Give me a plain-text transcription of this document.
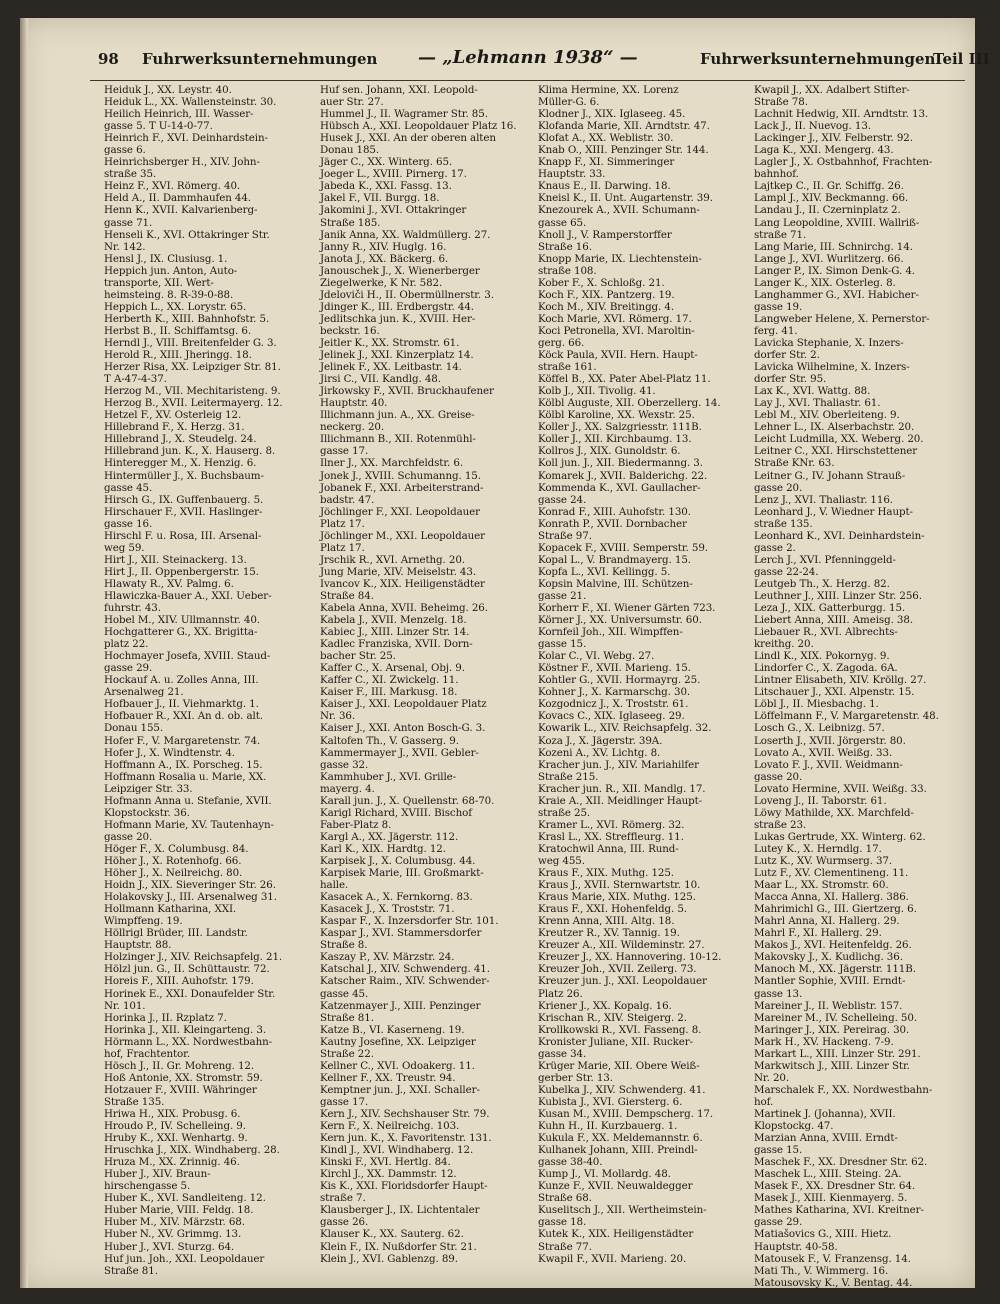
98 Fuhrwerksunternehmungen — „Lehmann 1938“ —	Fuhrwerksunternehmungen
Teil III
Heiduk J., XX. Leystr. 40.
Heiduk L., XX. Wallensteinstr. 30.
Heilich Heinrich, III. Wasser-
gasse 5. T U-14-0-77.
Heinrich F., XVI. Deinhardstein-
gasse 6.
Heinrichsberger H., XIV. John-
straße 35.
Heinz F., XVI. Römerg. 40.
Held A., II. Dammhaufen 44.
Henn K., XVII. Kalvarienberg-
gasse 71.
Henseli K., XVI. Ottakringer Str.
Nr. 142.
Hensl J., IX. Clusiusg. 1.
Heppich jun. Anton, Auto-
transporte, XII. Wert-
heimsteing. 8. R-39-0-88.
Heppich L., XX. Lorystr. 65.
Herberth K., XIII. Bahnhofstr. 5.
Herbst B., II. Schiffamtsg. 6.
Herndl J., VIII. Breitenfelder G. 3.
Herold R., XIII. Jheringg. 18.
Herzer Risa, XX. Leipziger Str. 81.
T A-47-4-37.
Herzog M., VII. Mechitaristeng. 9.
Herzog B., XVII. Leitermayerg. 12.
Hetzel F., XV. Osterleig 12.
Hillebrand F., X. Herzg. 31.
Hillebrand J., X. Steudelg. 24.
Hillebrand jun. K., X. Hauserg. 8.
Hinteregger M., X. Henzig. 6.
Hintermüller J., X. Buchsbaum-
gasse 45.
Hirsch G., IX. Guffenbauerg. 5.
Hirschauer F., XVII. Haslinger-
gasse 16.
Hirschl F. u. Rosa, III. Arsenal-
weg 59.
Hirt J., XII. Steinackerg. 13.
Hirt J., II. Oppenbergerstr. 15.
Hlawaty R., XV. Palmg. 6.
Hlawiczka-Bauer A., XXI. Ueber-
fuhrstr. 43.
Hobel M., XIV. Ullmannstr. 40.
Hochgatterer G., XX. Brigitta-
platz 22.
Hochmayer Josefa, XVIII. Staud-
gasse 29.
Hockauf A. u. Zolles Anna, III.
Arsenalweg 21.
Hofbauer J., II. Viehmarktg. 1.
Hofbauer R., XXI. An d. ob. alt.
Donau 155.
Hofer F., V. Margaretenstr. 74.
Hofer J., X. Windtenstr. 4.
Hoffmann A., IX. Porscheg. 15.
Hoffmann Rosalia u. Marie, XX.
Leipziger Str. 33.
Hofmann Anna u. Stefanie, XVII.
Klopstockstr. 36.
Hofmann Marie, XV. Tautenhayn-
gasse 20.
Höger F., X. Columbusg. 84.
Höher J., X. Rotenhofg. 66.
Höher J., X. Neilreichg. 80.
Hoidn J., XIX. Sieveringer Str. 26.
Holakovsky J., III. Arsenalweg 31.
Hollmann Katharina, XXI.
Wimpffeng. 19.
Höllrigl Brüder, III. Landstr.
Hauptstr. 88.
Holzinger J., XIV. Reichsapfelg. 21.
Hölzl jun. G., II. Schüttaustr. 72.
Horeis F., XIII. Auhofstr. 179.
Horinek E., XXI. Donaufelder Str.
Nr. 101.
Horinka J., II. Rzplatz 7.
Horinka J., XII. Kleingarteng. 3.
Hörmann L., XX. Nordwestbahn-
hof, Frachtentor.
Hösch J., II. Gr. Mohreng. 12.
Hoß Antonie, XX. Stromstr. 59.
Hotzauer F., XVIII. Währinger
Straße 135.
Hriwa H., XIX. Probusg. 6.
Hroudo P., IV. Schelleing. 9.
Hruby K., XXI. Wenhartg. 9.
Hruschka J., XIX. Windhaberg. 28.
Hruza M., XX. Zrinnig. 46.
Huber J., XIV. Braun-
hirschengasse 5.
Huber K., XVI. Sandleiteng. 12.
Huber Marie, VIII. Feldg. 18.
Huber M., XIV. Märzstr. 68.
Huber N., XV. Grimmg. 13.
Huber J., XVI. Sturzg. 64.
Huf jun. Joh., XXI. Leopoldauer
Straße 81.
Huf sen. Johann, XXI. Leopold-
auer Str. 27.
Hummel J., II. Wagramer Str. 85.
Hübsch A., XXI. Leopoldauer Platz 16.
Husek J., XXI. An der oberen alten
Donau 185.
Jäger C., XX. Winterg. 65.
Joeger L., XVIII. Pirnerg. 17.
Jabeda K., XXI. Fassg. 13.
Jakel F., VII. Burgg. 18.
Jakomini J., XVI. Ottakringer
Straße 185.
Janik Anna, XX. Waldmüllerg. 27.
Janny R., XIV. Huglg. 16.
Janota J., XX. Bäckerg. 6.
Janouschek J., X. Wienerberger
Ziegelwerke, K Nr. 582.
Jdeloviči H., II. Obermüllnerstr. 3.
Jdinger K., III. Erdbergstr. 44.
Jedlitschka jun. K., XVIII. Her-
beckstr. 16.
Jeitler K., XX. Stromstr. 61.
Jelinek J., XXI. Kinzerplatz 14.
Jelinek F., XX. Leitbastr. 14.
Jirsi C., VII. Kandlg. 48.
Jirkowsky F., XVII. Bruckhaufener
Hauptstr. 40.
Illichmann jun. A., XX. Greise-
neckerg. 20.
Illichmann B., XII. Rotenmühl-
gasse 17.
Ilner J., XX. Marchfeldstr. 6.
Jonek J., XVIII. Schumanng. 15.
Jobanek F., XXI. Arbeiterstrand-
badstr. 47.
Jöchlinger F., XXI. Leopoldauer
Platz 17.
Jöchlinger M., XXI. Leopoldauer
Platz 17.
Jrschik R., XVI. Arnethg. 20.
Jung Marie, XIV. Meiselstr. 43.
Ivancov K., XIX. Heiligenstädter
Straße 84.
Kabela Anna, XVII. Beheimg. 26.
Kabela J., XVII. Menzelg. 18.
Kabiec J., XIII. Linzer Str. 14.
Kadlec Franziska, XVII. Dorn-
bacher Str. 25.
Kaffer C., X. Arsenal, Obj. 9.
Kaffer C., XI. Zwickelg. 11.
Kaiser F., III. Markusg. 18.
Kaiser J., XXI. Leopoldauer Platz
Nr. 36.
Kaiser J., XXI. Anton Bosch-G. 3.
Kaltofen Th., V. Gasserg. 9.
Kammermayer J., XVII. Gebler-
gasse 32.
Kammhuber J., XVI. Grille-
mayerg. 4.
Karall jun. J., X. Quellenstr. 68-70.
Karigl Richard, XVIII. Bischof
Faber-Platz 8.
Kargl A., XX. Jägerstr. 112.
Karl K., XIX. Hardtg. 12.
Karpisek J., X. Columbusg. 44.
Karpisek Marie, III. Großmarkt-
halle.
Kasacek A., X. Fernkorng. 83.
Kasacek J., X. Troststr. 71.
Kaspar F., X. Inzersdorfer Str. 101.
Kaspar J., XVI. Stammersdorfer
Straße 8.
Kaszay P., XV. Märzstr. 24.
Katschal J., XIV. Schwenderg. 41.
Katscher Raim., XIV. Schwender-
gasse 45.
Katzenmayer J., XIII. Penzinger
Straße 81.
Katze B., VI. Kaserneng. 19.
Kautny Josefine, XX. Leipziger
Straße 22.
Kellner C., XVI. Odoakerg. 11.
Kellner F., XX. Treustr. 94.
Kemptner jun. J., XXI. Schaller-
gasse 17.
Kern J., XIV. Sechshauser Str. 79.
Kern F., X. Neilreichg. 103.
Kern jun. K., X. Favoritenstr. 131.
Kindl J., XVI. Windhaberg. 12.
Kinski F., XVI. Hertlg. 84.
Kirchl J., XX. Dammstr. 12.
Kis K., XXI. Floridsdorfer Haupt-
straße 7.
Klausberger J., IX. Lichtentaler
gasse 26.
Klauser K., XX. Sauterg. 62.
Klein F., IX. Nußdorfer Str. 21.
Klein J., XVI. Gablenzg. 89.
Klima Hermine, XX. Lorenz
Müller-G. 6.
Klodner J., XIX. Iglaseeg. 45.
Klofanda Marie, XII. Arndtstr. 47.
Klofat A., XX. Weblistr. 30.
Knab O., XIII. Penzinger Str. 144.
Knapp F., XI. Simmeringer
Hauptstr. 33.
Knaus E., II. Darwing. 18.
Kneisl K., II. Unt. Augartenstr. 39.
Knezourek A., XVII. Schumann-
gasse 65.
Knoll J., V. Ramperstorffer
Straße 16.
Knopp Marie, IX. Liechtenstein-
straße 108.
Kober F., X. Schloßg. 21.
Koch F., XIX. Pantzerg. 19.
Koch M., XIV. Breitingg. 4.
Koch Marie, XVI. Römerg. 17.
Koci Petronella, XVI. Maroltin-
gerg. 66.
Köck Paula, XVII. Hern. Haupt-
straße 161.
Köffel B., XX. Pater Abel-Platz 11.
Kolb J., XII. Tivolig. 41.
Kölbl Auguste, XII. Oberzellerg. 14.
Kölbl Karoline, XX. Wexstr. 25.
Koller J., XX. Salzgriesstr. 111B.
Koller J., XII. Kirchbaumg. 13.
Kollros J., XIX. Gunoldstr. 6.
Koll jun. J., XII. Biedermanng. 3.
Komarek J., XVII. Balderichg. 22.
Kommenda K., XVI. Gaullacher-
gasse 24.
Konrad F., XIII. Auhofstr. 130.
Konrath P., XVII. Dornbacher
Straße 97.
Kopacek F., XVIII. Semperstr. 59.
Kopal L., V. Brandmayerg. 15.
Kopfa L., XVI. Kellingg. 5.
Kopsin Malvine, III. Schützen-
gasse 21.
Korherr F., XI. Wiener Gärten 723.
Körner J., XX. Universumstr. 60.
Kornfeil Joh., XII. Wimpffen-
gasse 15.
Kolar C., VI. Webg. 27.
Köstner F., XVII. Marieng. 15.
Kohtler G., XVII. Hormayrg. 25.
Kohner J., X. Karmarschg. 30.
Kozgodnicz J., X. Troststr. 61.
Kovacs C., XIX. Iglaseeg. 29.
Kowarik L., XIV. Reichsapfelg. 32.
Koza J., X. Jägerstr. 39A.
Kozeni A., XV. Lichtg. 8.
Kracher jun. J., XIV. Mariahilfer
Straße 215.
Kracher jun. R., XII. Mandlg. 17.
Kraie A., XII. Meidlinger Haupt-
straße 25.
Kramer L., XVI. Römerg. 32.
Krasl L., XX. Streffleurg. 11.
Kratochwil Anna, III. Rund-
weg 455.
Kraus F., XIX. Muthg. 125.
Kraus J., XVII. Sternwartstr. 10.
Kraus Marie, XIX. Muthg. 125.
Kraus F., XXI. Hohenfeldg. 5.
Krenn Anna, XIII. Altg. 18.
Kreutzer R., XV. Tannig. 19.
Kreuzer A., XII. Wildeminstr. 27.
Kreuzer J., XX. Hannovering. 10-12.
Kreuzer Joh., XVII. Zeilerg. 73.
Kreuzer jun. J., XXI. Leopoldauer
Platz 26.
Kriener J., XX. Kopalg. 16.
Krischan R., XIV. Steigerg. 2.
Krollkowski R., XVI. Fasseng. 8.
Kronister Juliane, XII. Rucker-
gasse 34.
Krüger Marie, XII. Obere Weiß-
gerber Str. 13.
Kubelka J., XIV. Schwenderg. 41.
Kubista J., XVI. Giersterg. 6.
Kusan M., XVIII. Dempscherg. 17.
Kuhn H., II. Kurzbauerg. 1.
Kukula F., XX. Meldemannstr. 6.
Kulhanek Johann, XIII. Preindl-
gasse 38-40.
Kump J., VI. Mollardg. 48.
Kunze F., XVII. Neuwaldegger
Straße 68.
Kuselitsch J., XII. Wertheimstein-
gasse 18.
Kutek K., XIX. Heiligenstädter
Straße 77.
Kwapil F., XVII. Marieng. 20.
Kwapil J., XX. Adalbert Stifter-
Straße 78.
Lachnit Hedwig, XII. Arndtstr. 13.
Lack J., II. Nuevog. 13.
Lackinger J., XIV. Felberstr. 92.
Laga K., XXI. Mengerg. 43.
Lagler J., X. Ostbahnhof, Frachten-
bahnhof.
Lajtkep C., II. Gr. Schiffg. 26.
Lampl J., XIV. Beckmanng. 66.
Landau J., II. Czerninplatz 2.
Lang Leopoldine, XVIII. Wallriß-
straße 71.
Lang Marie, III. Schnirchg. 14.
Lange J., XVI. Wurlitzerg. 66.
Langer P., IX. Simon Denk-G. 4.
Langer K., XIX. Osterleg. 8.
Langhammer G., XVI. Habicher-
gasse 19.
Langweber Helene, X. Pernerstor-
ferg. 41.
Lavicka Stephanie, X. Inzers-
dorfer Str. 2.
Lavicka Wilhelmine, X. Inzers-
dorfer Str. 95.
Lax K., XVI. Wattg. 88.
Lay J., XVI. Thaliastr. 61.
Lebl M., XIV. Oberleiteng. 9.
Lehner L., IX. Alserbachstr. 20.
Leicht Ludmilla, XX. Weberg. 20.
Leitner C., XXI. Hirschstettener
Straße KNr. 63.
Leitner G., IV. Johann Strauß-
gasse 20.
Lenz J., XVI. Thaliastr. 116.
Leonhard J., V. Wiedner Haupt-
straße 135.
Leonhard K., XVI. Deinhardstein-
gasse 2.
Lerch J., XVI. Pfenninggeld-
gasse 22-24.
Leutgeb Th., X. Herzg. 82.
Leuthner J., XIII. Linzer Str. 256.
Leza J., XIX. Gatterburgg. 15.
Liebert Anna, XIII. Ameisg. 38.
Liebauer R., XVI. Albrechts-
kreithg. 20.
Lindl K., XIX. Pokornyg. 9.
Lindorfer C., X. Zagoda. 6A.
Lintner Elisabeth, XIV. Kröllg. 27.
Litschauer J., XXI. Alpenstr. 15.
Löbl J., II. Miesbachg. 1.
Löffelmann F., V. Margaretenstr. 48.
Losch G., X. Leibnizg. 57.
Loserth J., XVII. Jörgerstr. 80.
Lovato A., XVII. Weißg. 33.
Lovato F. J., XVII. Weidmann-
gasse 20.
Lovato Hermine, XVII. Weißg. 33.
Loveng J., II. Taborstr. 61.
Löwy Mathilde, XX. Marchfeld-
straße 23.
Lukas Gertrude, XX. Winterg. 62.
Lutey K., X. Herndlg. 17.
Lutz K., XV. Wurmserg. 37.
Lutz F., XV. Clementineng. 11.
Maar L., XX. Stromstr. 60.
Macca Anna, XI. Hallerg. 386.
Mahrimichl G., III. Giertzerg. 6.
Mahrl Anna, XI. Hallerg. 29.
Mahrl F., XI. Hallerg. 29.
Makos J., XVI. Heitenfeldg. 26.
Makovsky J., X. Kudlichg. 36.
Manoch M., XX. Jägerstr. 111B.
Mantler Sophie, XVIII. Erndt-
gasse 13.
Mareiner J., II. Weblistr. 157.
Mareiner M., IV. Schelleing. 50.
Maringer J., XIX. Pereirag. 30.
Mark H., XV. Hackeng. 7-9.
Markart L., XIII. Linzer Str. 291.
Markwitsch J., XIII. Linzer Str.
Nr. 20.
Marschalek F., XX. Nordwestbahn-
hof.
Martinek J. (Johanna), XVII.
Klopstockg. 47.
Marzian Anna, XVIII. Erndt-
gasse 15.
Maschek F., XX. Dresdner Str. 62.
Maschek L., XIII. Steing. 2A.
Masek F., XX. Dresdner Str. 64.
Masek J., XIII. Kienmayerg. 5.
Mathes Katharina, XVI. Kreitner-
gasse 29.
Matiašovics G., XIII. Hietz.
Hauptstr. 40-58.
Matousek F., V. Franzensg. 14.
Mati Th., V. Wimmerg. 16.
Matousovsky K., V. Bentag. 44.
